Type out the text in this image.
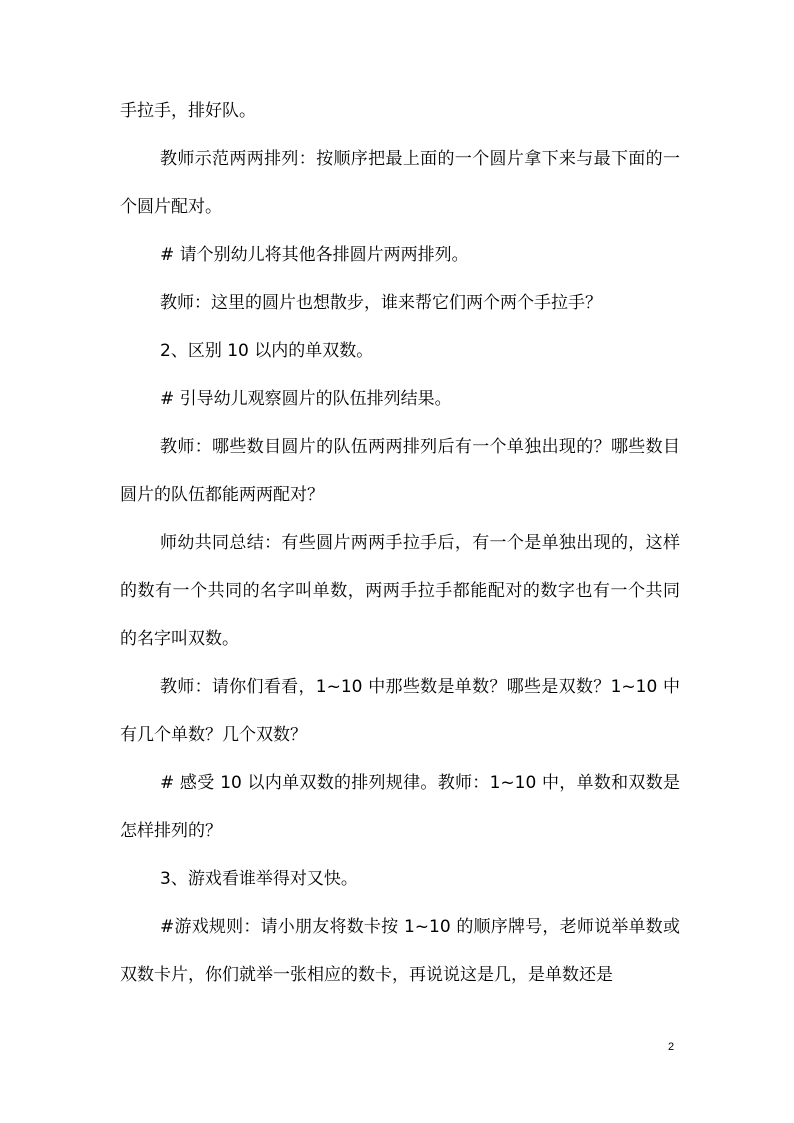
手拉手，排好队。

教师示范两两排列：按顺序把最上面的一个圆片拿下来与最下面的一个圆片配对。

# 请个别幼儿将其他各排圆片两两排列。

教师：这里的圆片也想散步，谁来帮它们两个两个手拉手？

2、区别 10 以内的单双数。

# 引导幼儿观察圆片的队伍排列结果。

教师：哪些数目圆片的队伍两两排列后有一个单独出现的？哪些数目圆片的队伍都能两两配对？

师幼共同总结：有些圆片两两手拉手后，有一个是单独出现的，这样的数有一个共同的名字叫单数，两两手拉手都能配对的数字也有一个共同的名字叫双数。

教师：请你们看看，1~10 中那些数是单数？哪些是双数？1~10 中有几个单数？几个双数？

# 感受 10 以内单双数的排列规律。教师：1~10 中，单数和双数是怎样排列的？

3、游戏看谁举得对又快。

#游戏规则：请小朋友将数卡按 1~10 的顺序牌号，老师说举单数或双数卡片，你们就举一张相应的数卡，再说说这是几，是单数还是

2
